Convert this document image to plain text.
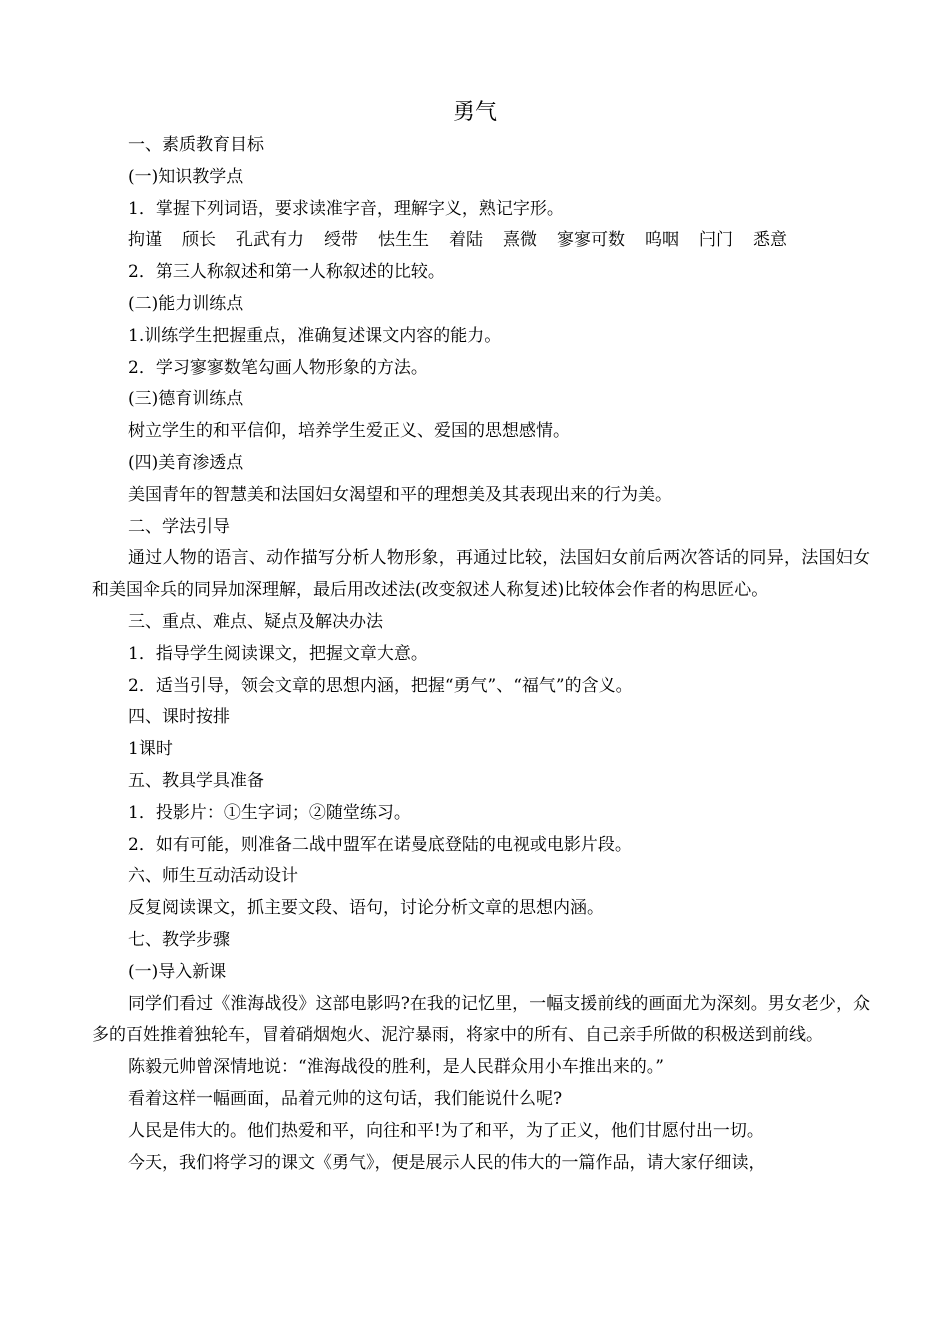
勇气

一、素质教育目标

(一)知识教学点

1．掌握下列词语，要求读准字音，理解字义，熟记字形。

拘谨 颀长 孔武有力 绶带 怯生生 着陆 熹微 寥寥可数 呜咽 闩门 悉意

2．第三人称叙述和第一人称叙述的比较。

(二)能力训练点

1.训练学生把握重点，准确复述课文内容的能力。

2．学习寥寥数笔勾画人物形象的方法。

(三)德育训练点

树立学生的和平信仰，培养学生爱正义、爱国的思想感情。

(四)美育渗透点

美国青年的智慧美和法国妇女渴望和平的理想美及其表现出来的行为美。

二、学法引导

通过人物的语言、动作描写分析人物形象，再通过比较，法国妇女前后两次答话的同异，法国妇女和美国伞兵的同异加深理解，最后用改述法(改变叙述人称复述)比较体会作者的构思匠心。

三、重点、难点、疑点及解决办法

1．指导学生阅读课文，把握文章大意。

2．适当引导，领会文章的思想内涵，把握“勇气”、“福气”的含义。

四、课时按排

1课时

五、教具学具准备

1．投影片：①生字词；②随堂练习。

2．如有可能，则准备二战中盟军在诺曼底登陆的电视或电影片段。

六、师生互动活动设计

反复阅读课文，抓主要文段、语句，讨论分析文章的思想内涵。

七、教学步骤

(一)导入新课

同学们看过《淮海战役》这部电影吗?在我的记忆里，一幅支援前线的画面尤为深刻。男女老少，众多的百姓推着独轮车，冒着硝烟炮火、泥泞暴雨，将家中的所有、自己亲手所做的积极送到前线。

陈毅元帅曾深情地说：“淮海战役的胜利，是人民群众用小车推出来的。”

看着这样一幅画面，品着元帅的这句话，我们能说什么呢?

人民是伟大的。他们热爱和平，向往和平!为了和平，为了正义，他们甘愿付出一切。

今天，我们将学习的课文《勇气》，便是展示人民的伟大的一篇作品，请大家仔细读，
